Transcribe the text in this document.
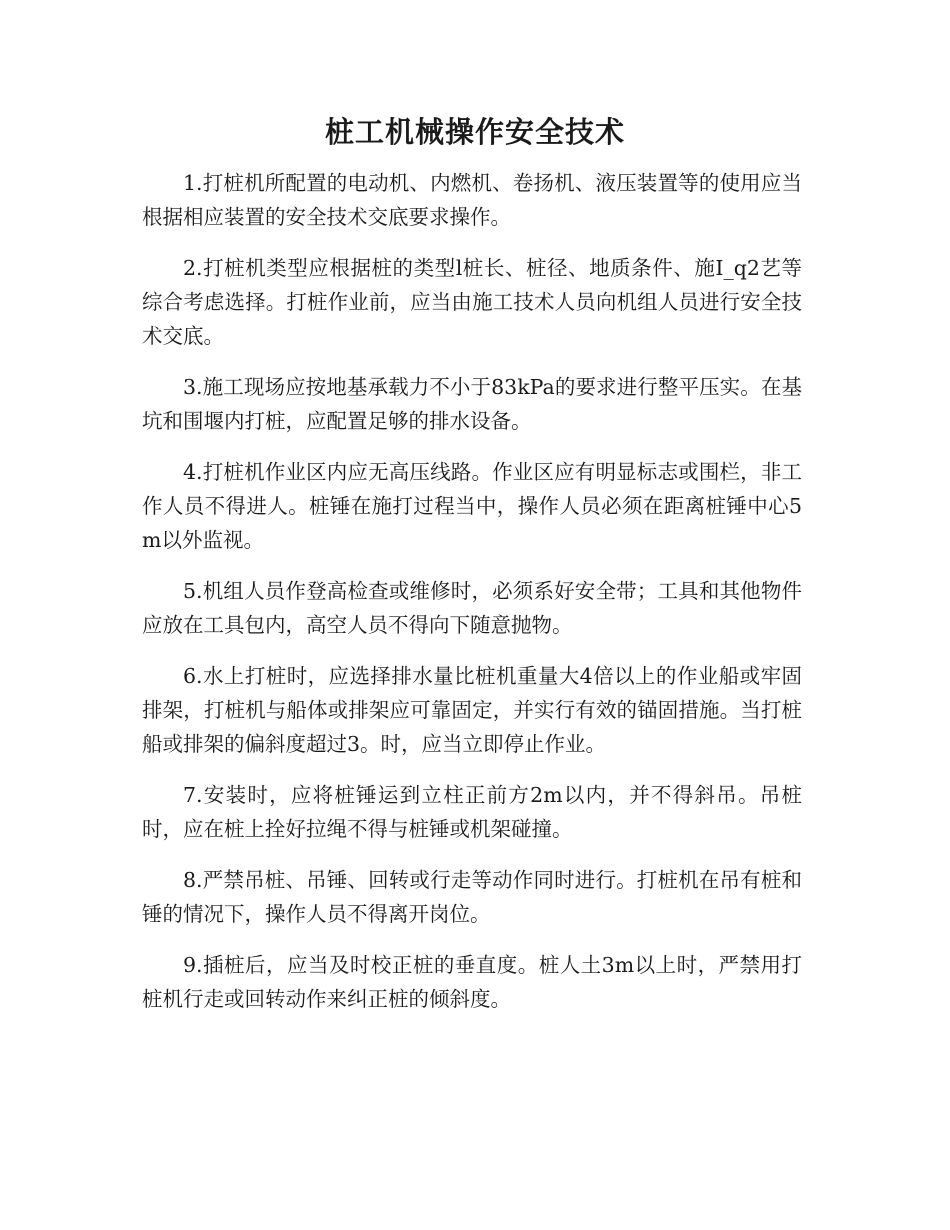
桩工机械操作安全技术

1.打桩机所配置的电动机、内燃机、卷扬机、液压装置等的使用应当根据相应装置的安全技术交底要求操作。

2.打桩机类型应根据桩的类型l桩长、桩径、地质条件、施I_q2艺等综合考虑选择。打桩作业前，应当由施工技术人员向机组人员进行安全技术交底。

3.施工现场应按地基承载力不小于83kPa的要求进行整平压实。在基坑和围堰内打桩，应配置足够的排水设备。

4.打桩机作业区内应无高压线路。作业区应有明显标志或围栏，非工作人员不得进人。桩锤在施打过程当中，操作人员必须在距离桩锤中心5m以外监视。

5.机组人员作登高检查或维修时，必须系好安全带；工具和其他物件应放在工具包内，高空人员不得向下随意抛物。

6.水上打桩时，应选择排水量比桩机重量大4倍以上的作业船或牢固排架，打桩机与船体或排架应可靠固定，并实行有效的锚固措施。当打桩船或排架的偏斜度超过3。时，应当立即停止作业。

7.安装时，应将桩锤运到立柱正前方2m以内，并不得斜吊。吊桩时，应在桩上拴好拉绳不得与桩锤或机架碰撞。

8.严禁吊桩、吊锤、回转或行走等动作同时进行。打桩机在吊有桩和锤的情况下，操作人员不得离开岗位。

9.插桩后，应当及时校正桩的垂直度。桩人土3m以上时，严禁用打桩机行走或回转动作来纠正桩的倾斜度。
